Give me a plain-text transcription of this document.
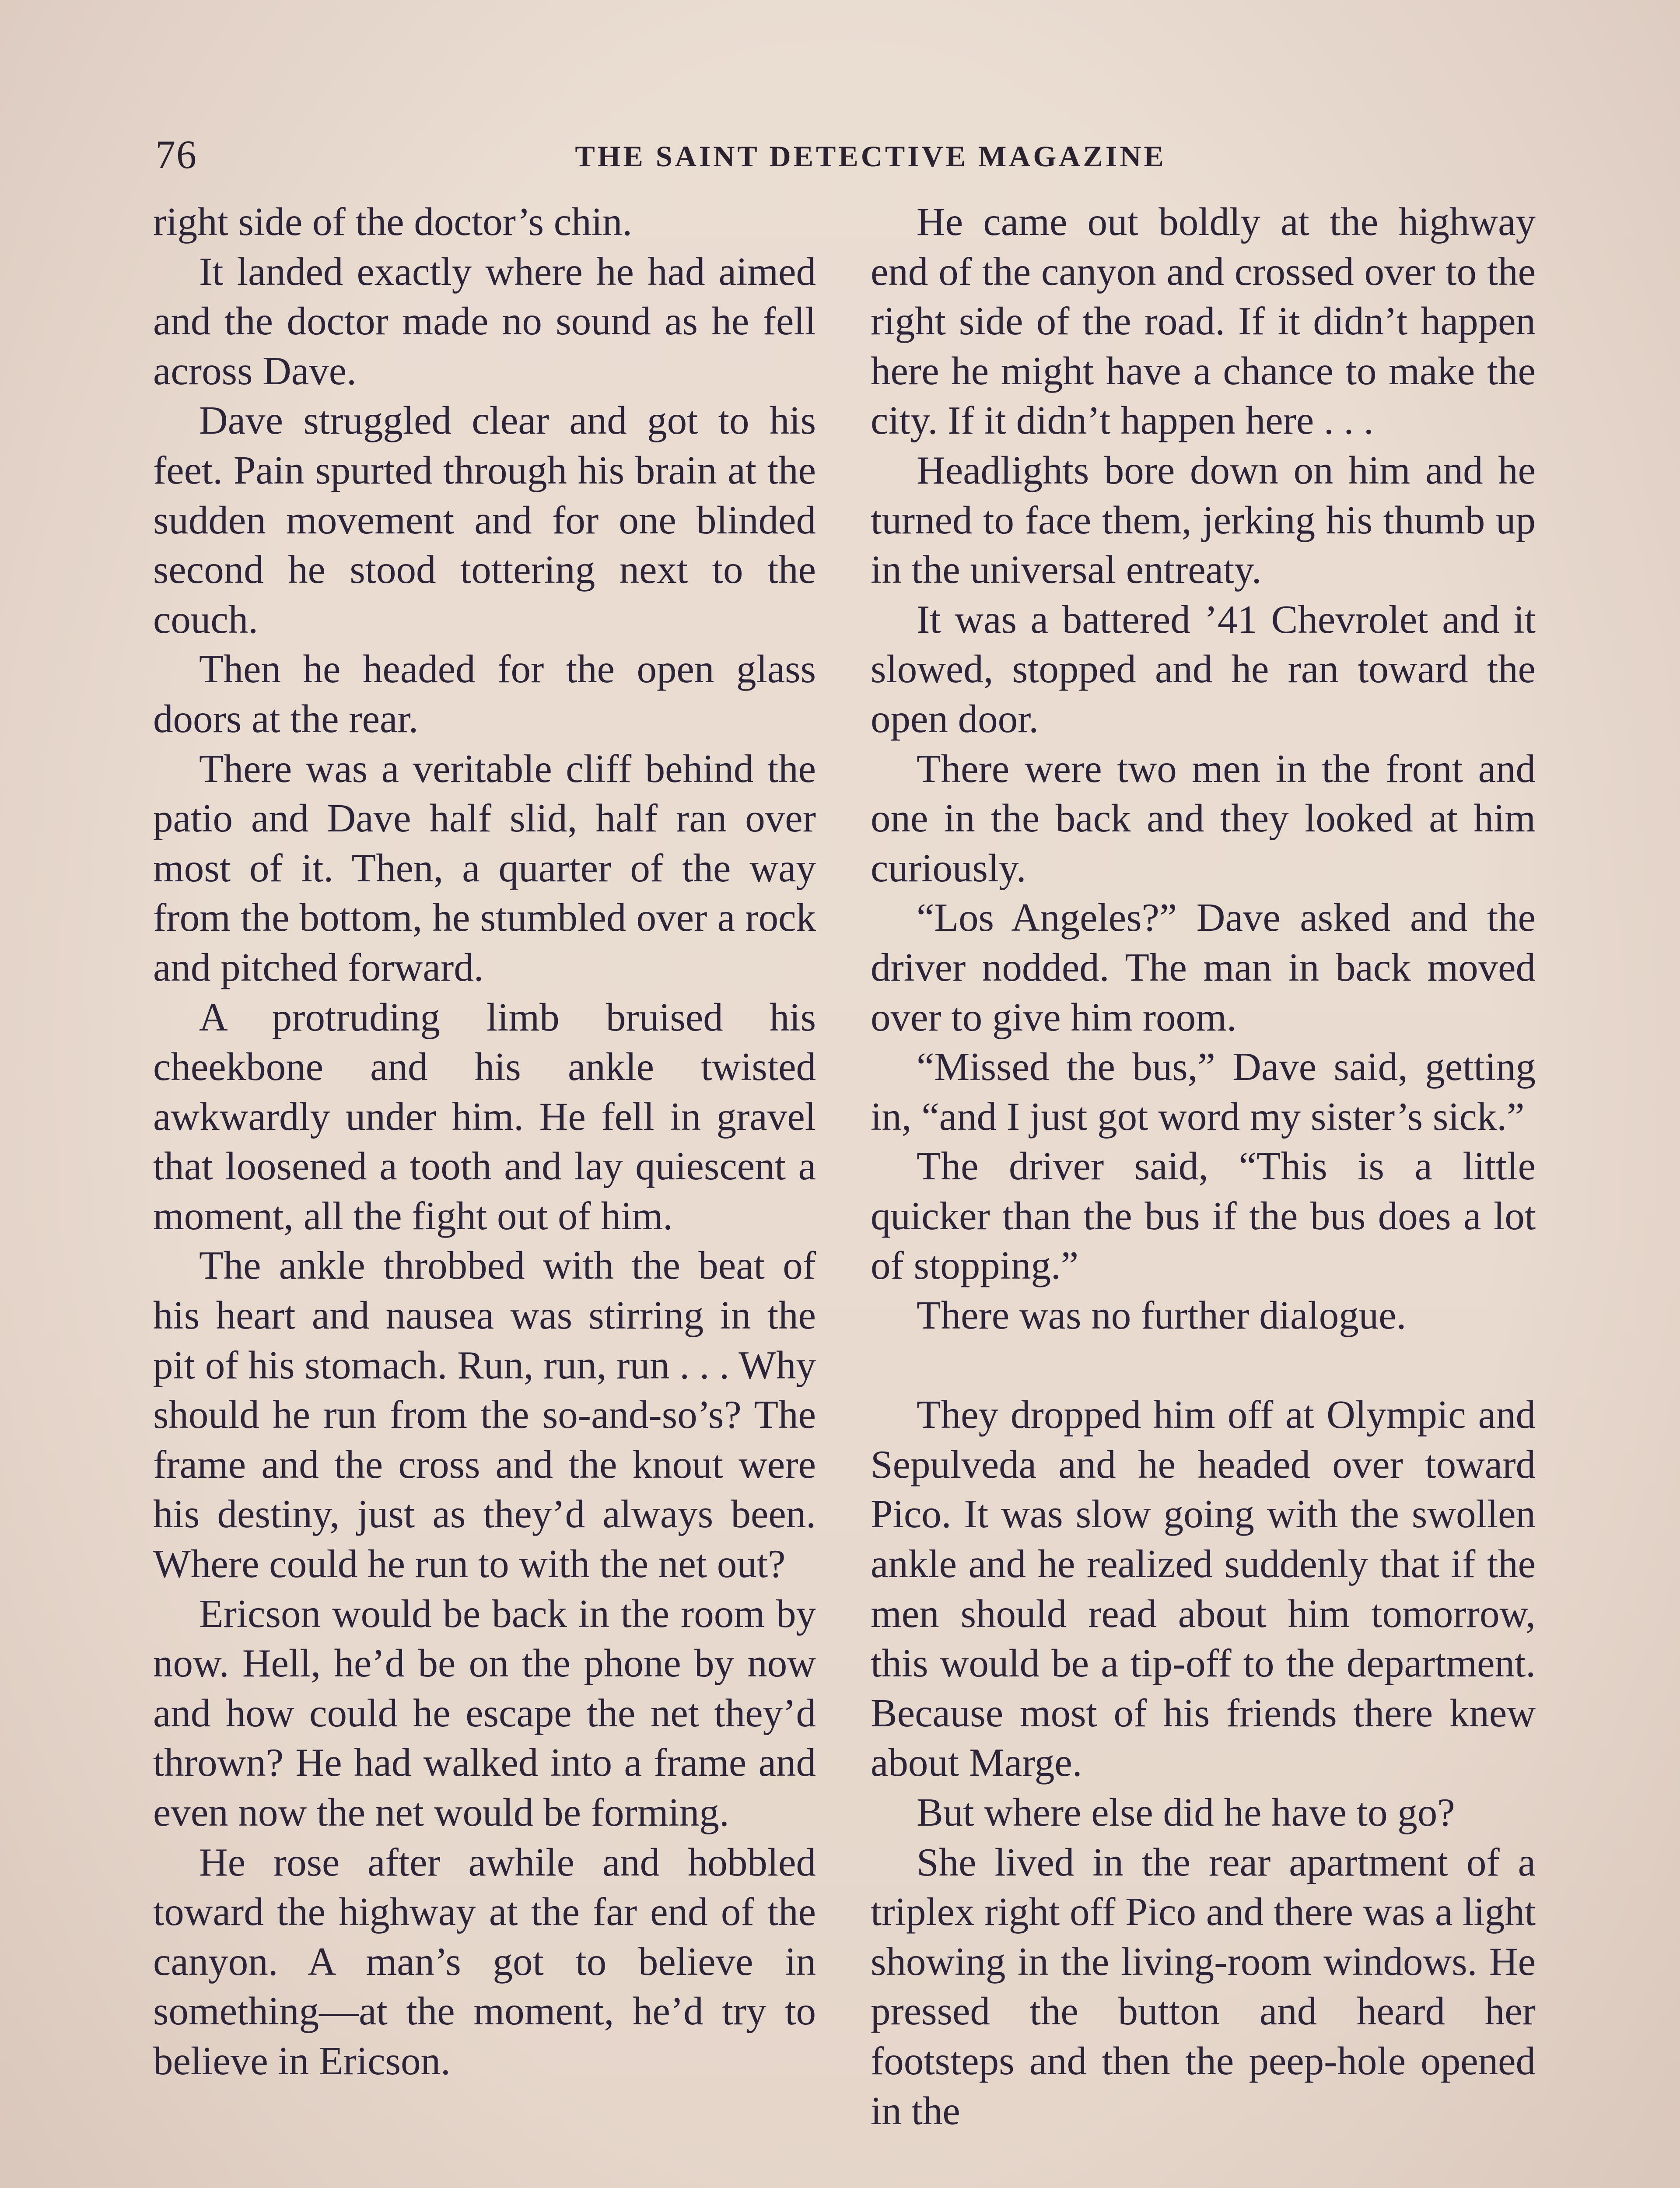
76	THE SAINT DETECTIVE MAGAZINE

right side of the doctor’s chin.

It landed exactly where he had aimed and the doctor made no sound as he fell across Dave.

Dave struggled clear and got to his feet. Pain spurted through his brain at the sudden movement and for one blinded second he stood tottering next to the couch.

Then he headed for the open glass doors at the rear.

There was a veritable cliff behind the patio and Dave half slid, half ran over most of it. Then, a quarter of the way from the bottom, he stumbled over a rock and pitched forward.

A protruding limb bruised his cheekbone and his ankle twisted awkwardly under him. He fell in gravel that loosened a tooth and lay quiescent a moment, all the fight out of him.

The ankle throbbed with the beat of his heart and nausea was stirring in the pit of his stomach. Run, run, run . . . Why should he run from the so-and-so’s? The frame and the cross and the knout were his destiny, just as they’d always been. Where could he run to with the net out?

Ericson would be back in the room by now. Hell, he’d be on the phone by now and how could he escape the net they’d thrown? He had walked into a frame and even now the net would be forming.

He rose after awhile and hobbled toward the highway at the far end of the canyon. A man’s got to believe in something—at the moment, he’d try to believe in Ericson.

He came out boldly at the highway end of the canyon and crossed over to the right side of the road. If it didn’t happen here he might have a chance to make the city. If it didn’t happen here . . .

Headlights bore down on him and he turned to face them, jerking his thumb up in the universal entreaty.

It was a battered ’41 Chevrolet and it slowed, stopped and he ran toward the open door.

There were two men in the front and one in the back and they looked at him curiously.

“Los Angeles?” Dave asked and the driver nodded. The man in back moved over to give him room.

“Missed the bus,” Dave said, getting in, “and I just got word my sister’s sick.”

The driver said, “This is a little quicker than the bus if the bus does a lot of stopping.”

There was no further dialogue.

They dropped him off at Olympic and Sepulveda and he headed over toward Pico. It was slow going with the swollen ankle and he realized suddenly that if the men should read about him tomorrow, this would be a tip-off to the department. Because most of his friends there knew about Marge.

But where else did he have to go?

She lived in the rear apartment of a triplex right off Pico and there was a light showing in the living-room windows. He pressed the button and heard her footsteps and then the peep-hole opened in the
